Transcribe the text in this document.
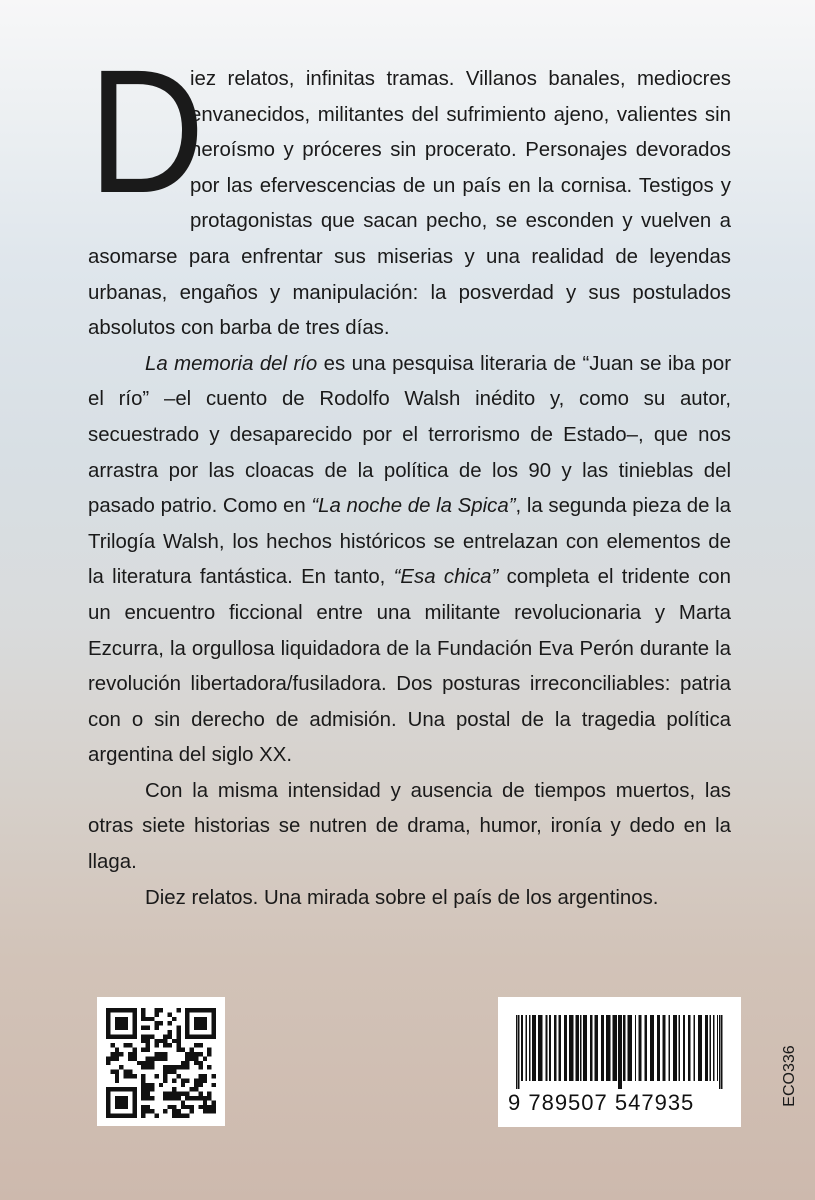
D
iez relatos, infinitas tramas. Villanos banales, mediocres envanecidos, militantes del sufrimiento ajeno, valientes sin heroísmo y próceres sin procerato. Personajes devorados por las efervescencias de un país en la cornisa. Testigos y protagonistas que sacan pecho, se esconden y vuelven a asomarse para enfrentar sus miserias y una realidad de leyendas urbanas, engaños y manipulación: la posverdad y sus postulados absolutos con barba de tres días.

La memoria del río es una pesquisa literaria de “Juan se iba por el río” –el cuento de Rodolfo Walsh inédito y, como su autor, secuestrado y desaparecido por el terrorismo de Estado–, que nos arrastra por las cloacas de la política de los 90 y las tinieblas del pasado patrio. Como en “La noche de la Spica”, la segunda pieza de la Trilogía Walsh, los hechos históricos se entrelazan con elementos de la literatura fantástica. En tanto, “Esa chica” completa el tridente con un encuentro ficcional entre una militante revolucionaria y Marta Ezcurra, la orgullosa liquidadora de la Fundación Eva Perón durante la revolución libertadora/fusiladora. Dos posturas irreconciliables: patria con o sin derecho de admisión. Una postal de la tragedia política argentina del siglo XX.

Con la misma intensidad y ausencia de tiempos muertos, las otras siete historias se nutren de drama, humor, ironía y dedo en la llaga.

Diez relatos. Una mirada sobre el país de los argentinos.

9 789507 547935	ECO336
